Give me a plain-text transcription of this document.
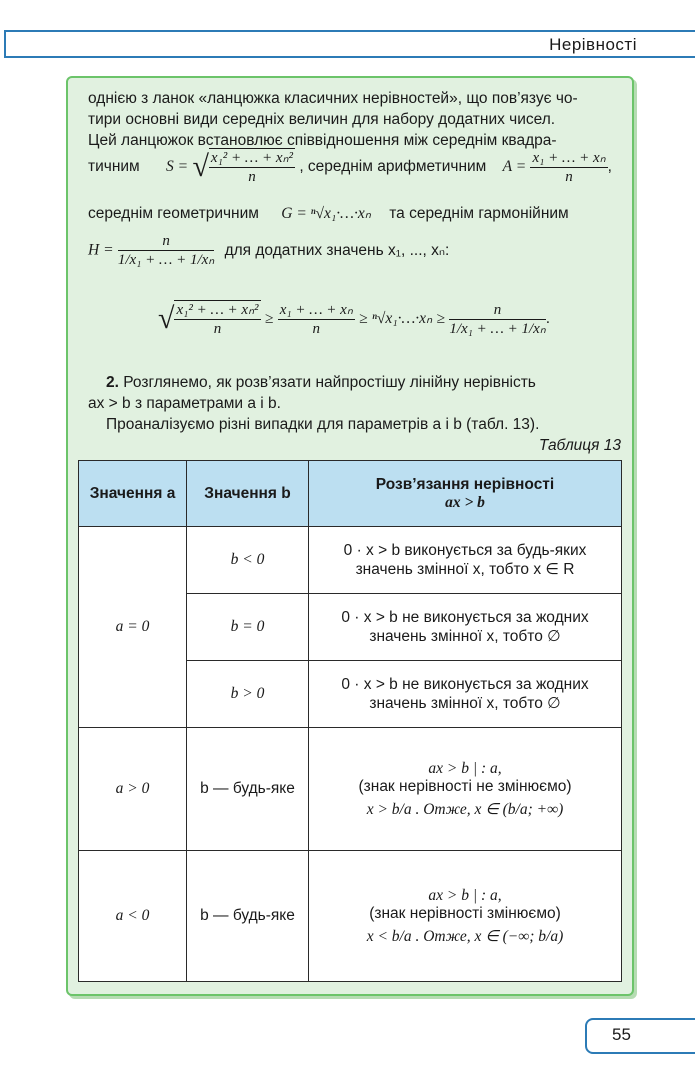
Нерівності
однією з ланок «ланцюжка класичних нерівностей», що пов’язує чо-
тири основні види середніх величин для набору додатних чисел.
Цей ланцюжок встановлює співвідношення між середнім квадра-
тичним S = √ $\frac{\text{x₁² + … + xₙ²}}{n}$ , середнім арифметичним $A = \frac{\text{x₁ + … + xₙ}}{n}$ ,
середнім геометричним G = ⁿ√x₁·…·xₙ та середнім гармонійним
$H = \frac{n}{\text{1/x₁ + … + 1/xₙ}}$ для додатних значень x₁, ..., xₙ:
√ $\frac{\text{x₁² + … + xₙ²}}{n} \ge \frac{\text{x₁ + … + xₙ}}{n}$ ≥ ⁿ√x₁·…·xₙ ≥ $\frac{n}{\text{1/x₁ + … + 1/xₙ}}$ .
2. Розглянемо, як розв’язати найпростішу лінійну нерівність
ax > b з параметрами a і b.
Проаналізуємо різні випадки для параметрів a і b (табл. 13).
Таблиця 13
Значення a	Значення b	Розв’язання нерівності
ax > b

a = 0	b < 0	0 · x > b виконується за будь-яких
значень змінної x, тобто x ∈ R

	b = 0	0 · x > b не виконується за жодних
значень змінної x, тобто ∅

	b > 0	0 · x > b не виконується за жодних
значень змінної x, тобто ∅

a > 0	b — будь-яке	ax > b | : a,
(знак нерівності не змінюємо)
x > b/a . Отже, x ∈ (b/a; +∞)

a < 0	b — будь-яке	ax > b | : a,
(знак нерівності змінюємо)
x < b/a . Отже, x ∈ (−∞; b/a)
55
